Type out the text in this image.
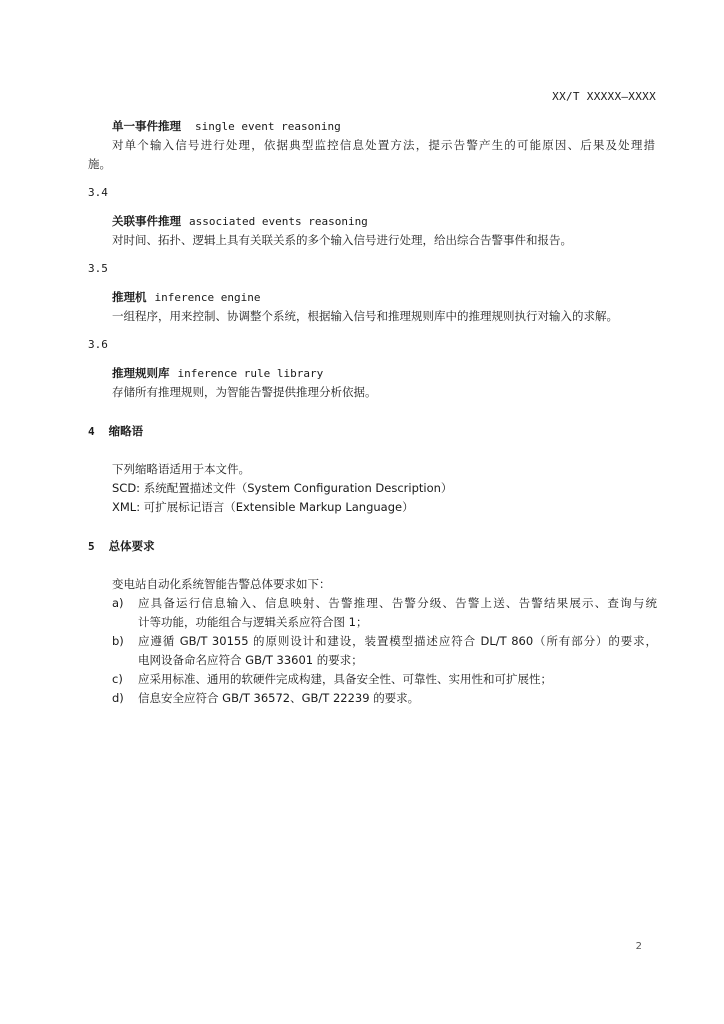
XX/T XXXXX—XXXX
单一事件推理 single event reasoning
对单个输入信号进行处理，依据典型监控信息处置方法，提示告警产生的可能原因、后果及处理措
施。
3.4
关联事件推理 associated events reasoning
对时间、拓扑、逻辑上具有关联关系的多个输入信号进行处理，给出综合告警事件和报告。
3.5
推理机 inference engine
一组程序，用来控制、协调整个系统，根据输入信号和推理规则库中的推理规则执行对输入的求解。
3.6
推理规则库 inference rule library
存储所有推理规则，为智能告警提供推理分析依据。
4 缩略语
下列缩略语适用于本文件。
SCD: 系统配置描述文件（System Configuration Description）
XML: 可扩展标记语言（Extensible Markup Language）
5 总体要求
变电站自动化系统智能告警总体要求如下：
a) 应具备运行信息输入、信息映射、告警推理、告警分级、告警上送、告警结果展示、查询与统
计等功能，功能组合与逻辑关系应符合图 1；
b) 应遵循 GB/T 30155 的原则设计和建设，装置模型描述应符合 DL/T 860（所有部分）的要求，
电网设备命名应符合 GB/T 33601 的要求；
c) 应采用标准、通用的软硬件完成构建，具备安全性、可靠性、实用性和可扩展性；
d) 信息安全应符合 GB/T 36572、GB/T 22239 的要求。
2
